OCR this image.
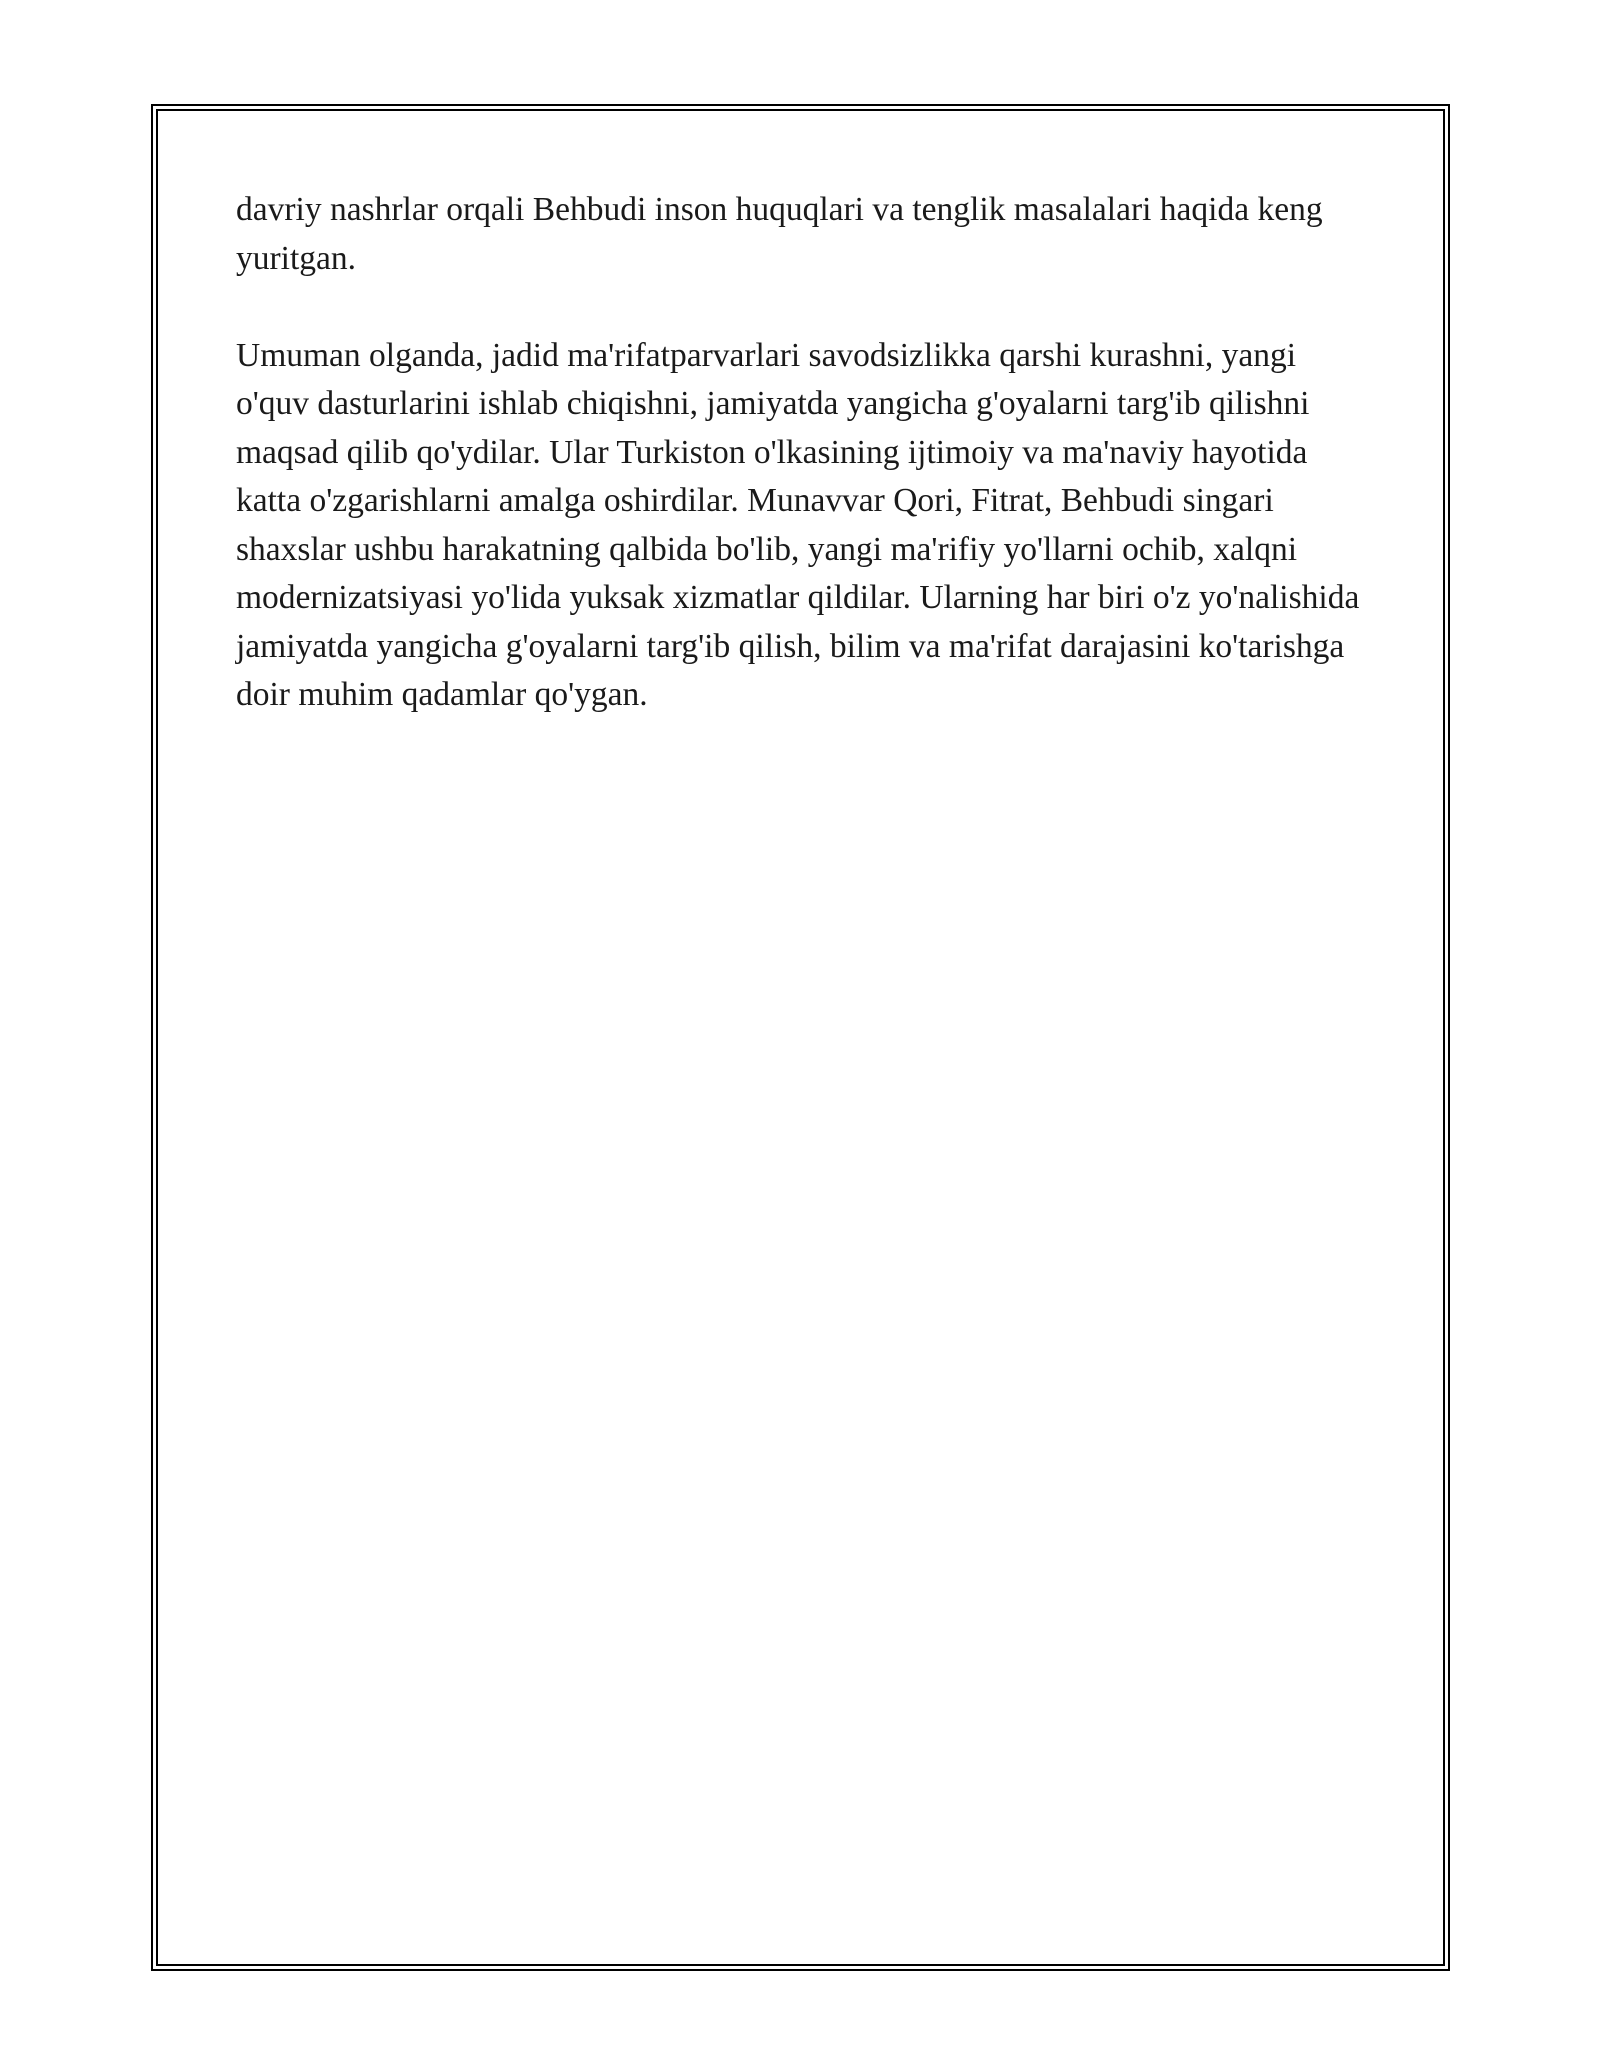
davriy nashrlar orqali Behbudi inson huquqlari va tenglik masalalari haqida keng yuritgan.

Umuman olganda, jadid ma'rifatparvarlari savodsizlikka qarshi kurashni, yangi o'quv dasturlarini ishlab chiqishni, jamiyatda yangicha g'oyalarni targ'ib qilishni maqsad qilib qo'ydilar. Ular Turkiston o'lkasining ijtimoiy va ma'naviy hayotida katta o'zgarishlarni amalga oshirdilar. Munavvar Qori, Fitrat, Behbudi singari shaxslar ushbu harakatning qalbida bo'lib, yangi ma'rifiy yo'llarni ochib, xalqni modernizatsiyasi yo'lida yuksak xizmatlar qildilar. Ularning har biri o'z yo'nalishida jamiyatda yangicha g'oyalarni targ'ib qilish, bilim va ma'rifat darajasini ko'tarishga doir muhim qadamlar qo'ygan.
